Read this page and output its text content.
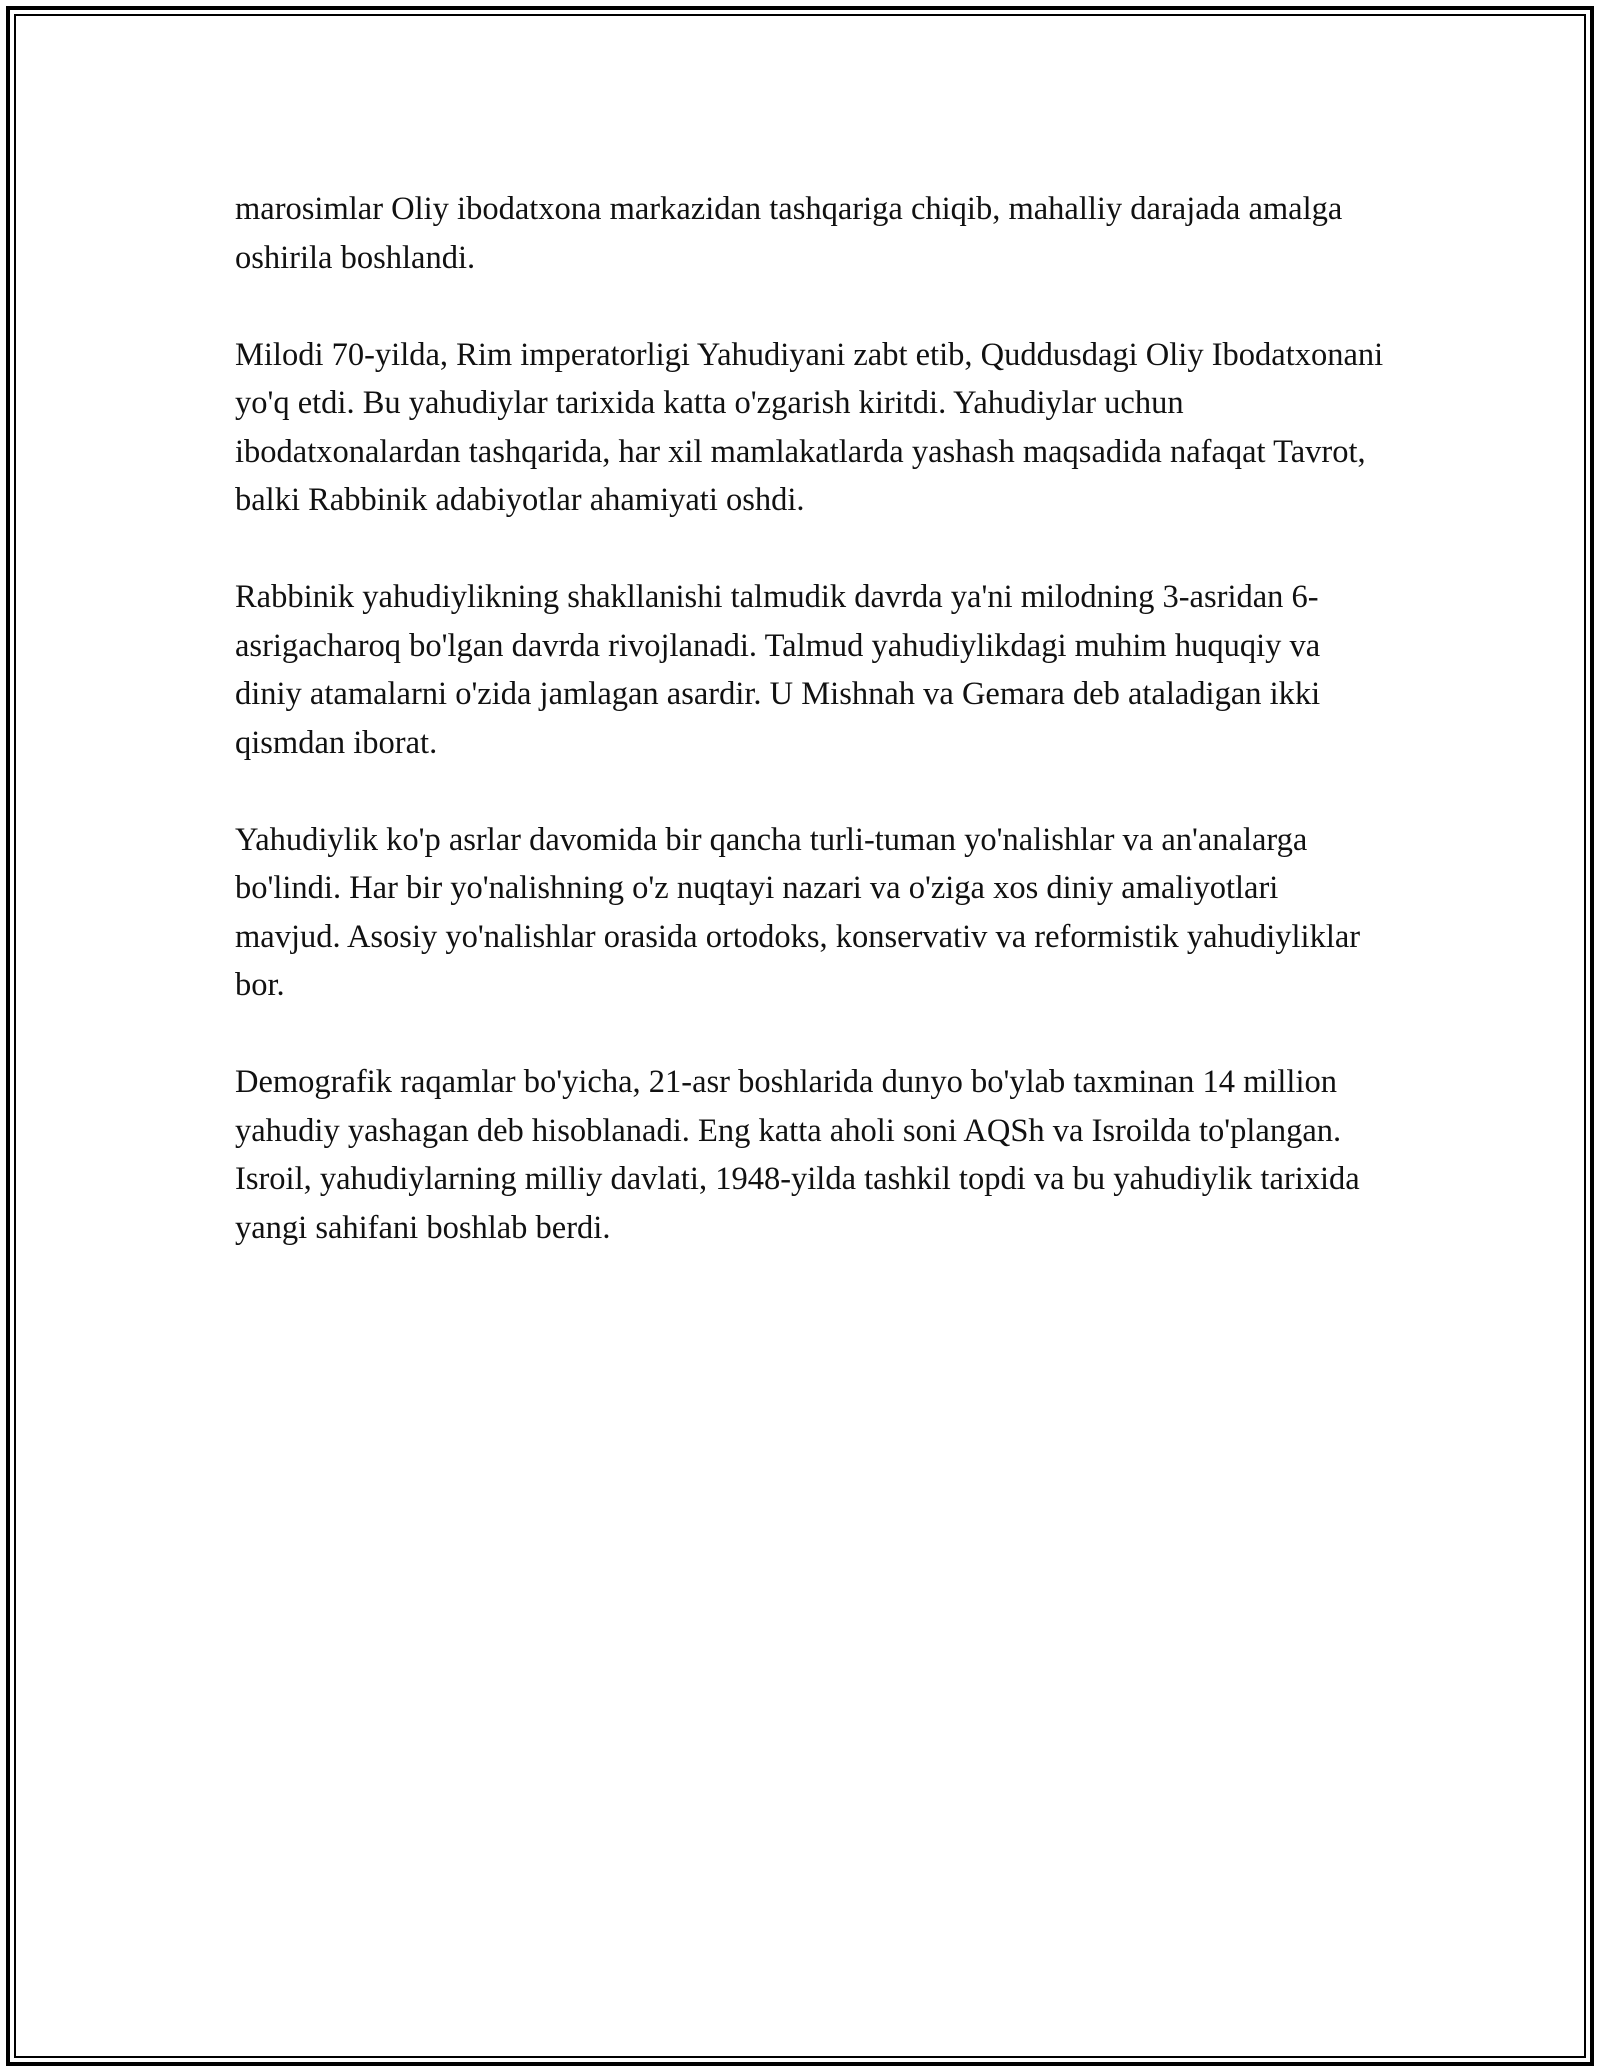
marosimlar Oliy ibodatxona markazidan tashqariga chiqib, mahalliy darajada amalga oshirila boshlandi.

Milodi 70-yilda, Rim imperatorligi Yahudiyani zabt etib, Quddusdagi Oliy Ibodatxonani yo'q etdi. Bu yahudiylar tarixida katta o'zgarish kiritdi. Yahudiylar uchun ibodatxonalardan tashqarida, har xil mamlakatlarda yashash maqsadida nafaqat Tavrot, balki Rabbinik adabiyotlar ahamiyati oshdi.

Rabbinik yahudiylikning shakllanishi talmudik davrda ya'ni milodning 3-asridan 6-asrigacharoq bo'lgan davrda rivojlanadi. Talmud yahudiylikdagi muhim huquqiy va diniy atamalarni o'zida jamlagan asardir. U Mishnah va Gemara deb ataladigan ikki qismdan iborat.

Yahudiylik ko'p asrlar davomida bir qancha turli-tuman yo'nalishlar va an'analarga bo'lindi. Har bir yo'nalishning o'z nuqtayi nazari va o'ziga xos diniy amaliyotlari mavjud. Asosiy yo'nalishlar orasida ortodoks, konservativ va reformistik yahudiyliklar bor.

Demografik raqamlar bo'yicha, 21-asr boshlarida dunyo bo'ylab taxminan 14 million yahudiy yashagan deb hisoblanadi. Eng katta aholi soni AQSh va Isroilda to'plangan. Isroil, yahudiylarning milliy davlati, 1948-yilda tashkil topdi va bu yahudiylik tarixida yangi sahifani boshlab berdi.
